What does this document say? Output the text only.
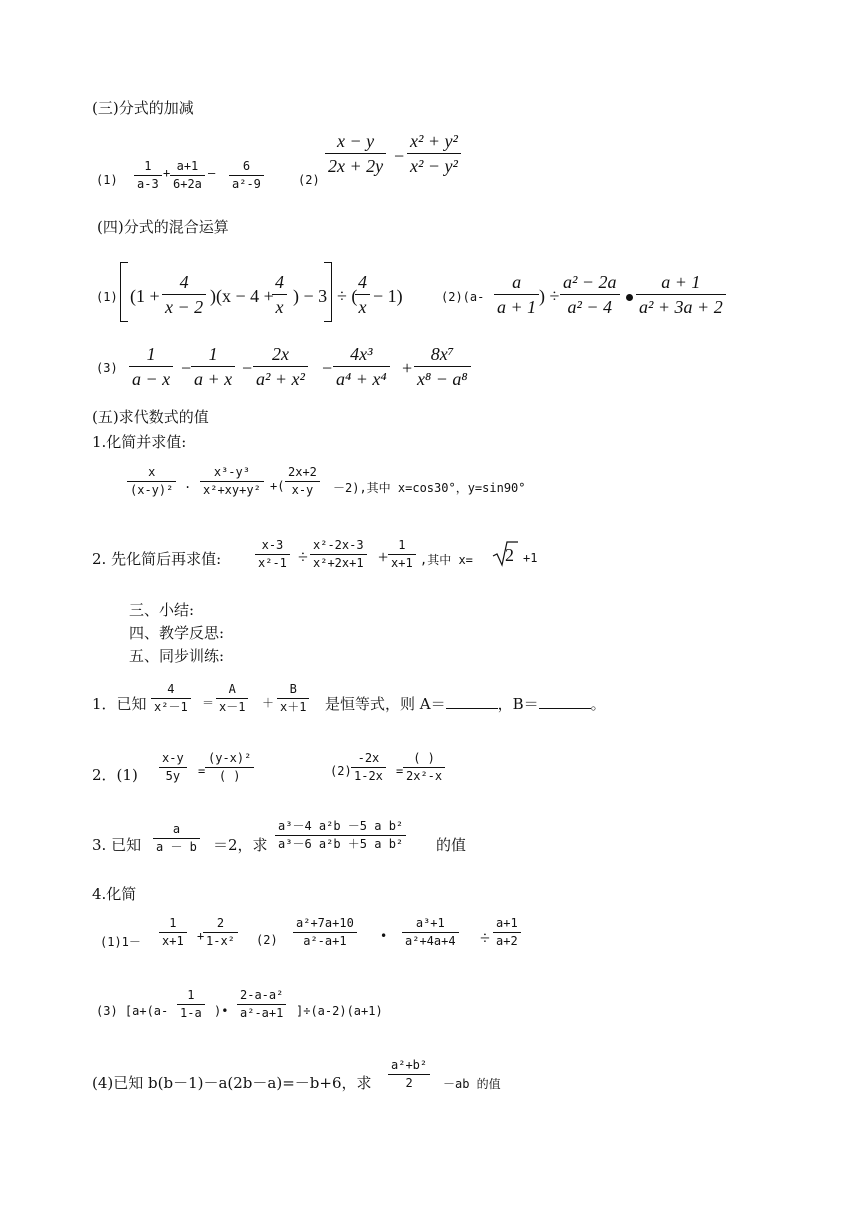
(三)分式的加减
$(1) \frac{1}{a-3} + \frac{a+1}{6+2a}$ — $\frac{6}{\text{a²-9}}$	(2)
$\frac{x - y}{2x + 2y} - \frac{\text{x² + y²}}{\text{x² − y²}}$
(四)分式的混合运算
(1) $(1 + \frac{4}{x - 2} )(x - 4$ +
$\frac{4}{x}$ ) − 3 ÷ (
$\frac{4}{x} - 1$)	$(2)(a- \frac{a}{a + 1}$ ) ÷ $\frac{\text{a² − 2a}}{\text{a² − 4}} \frac{a + 1}{\text{a² + 3a + 2}}$
$(3) \frac{1}{a - x} - \frac{1}{a + x} - \frac{2x}{\text{a² + x²}} - \frac{\text{4x³}}{\text{a⁴ + x⁴}} + \frac{\text{8x⁷}}{\text{x⁸ − a⁸}}$
(五)求代数式的值
1.化简并求值:
$\frac{x}{\text{(x-y)²}}$ . $\frac{\text{x³-y³}}{\text{x²+xy+y²}}$ +( $\frac{2x+2}{x-y} -2$),其中 x=cos30°，y=sin90°
2. 先化简后再求值:	$\frac{x-3}{\text{x²-1}} \div \frac{\text{x²-2x-3}}{\text{x²+2x+1}} + \frac{1}{x+1}$ ,其中 x= 2 +1
三、小结:
四、教学反思:
五、同步训练:
1．已知 $\frac{4}{\text{x²－1}} = \frac{A}{x-1} + \frac{B}{x+1}$ 是恒等式，则 A＝	，B＝	。
2．$(1) \frac{x-y}{5y}$ =
(y-x)²
( )	$(2) \frac{-2x}{1-2x}$ =
( )
2x²-x
3. 已知 $\frac{a}{a - b} =2$，求 $\frac{\text{a³－4 a²b －5 a b²}}{\text{a³－6 a²b ＋5 a b²}}$ 的值
4.化简
$(1)1- \frac{1}{x+1}$ +
$\frac{2}{\text{1-x²}} (2) \frac{\text{a²+7a+10}}{\text{a²-a+1}}$ • $\frac{\text{a³+1}}{\text{a²+4a+4}} \div \frac{a+1}{a+2}$
(3) [$a+(a- \frac{1}{1-a}$ )• $\frac{\text{2-a-a²}}{\text{a²-a+1}} ]\div(a-2)(a+1)$
(4)已知 b(b－1)－a(2b－a)=－b+6，求 $\frac{\text{a²+b²}}{2} -ab$ 的值
